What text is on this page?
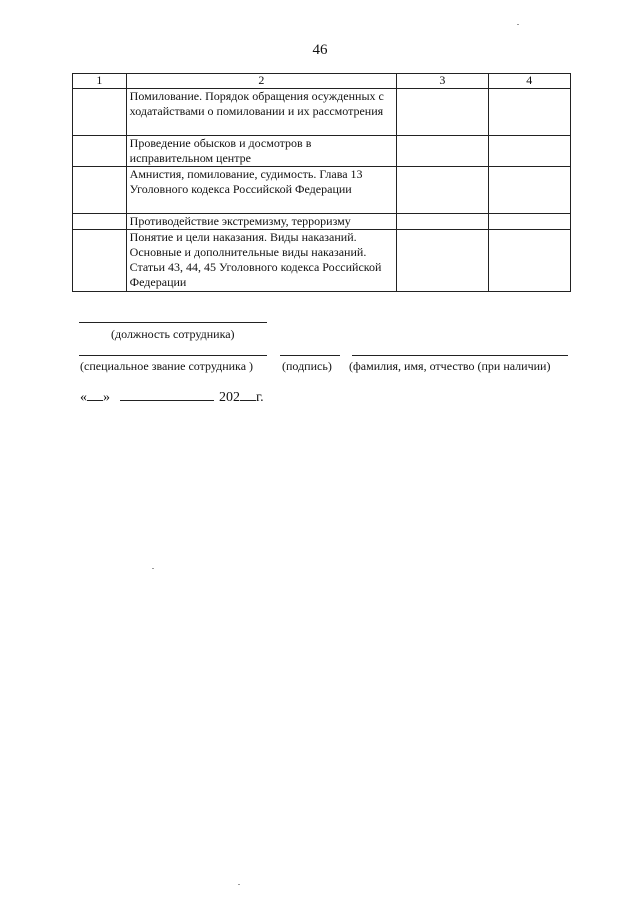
46
1	2	3	4
	Помилование. Порядок обращения осужденных с ходатайствами о помиловании и их рассмотрения		
	Проведение обысков и досмотров в исправительном центре		
	Амнистия, помилование, судимость. Глава 13 Уголовного кодекса Российской Федерации		
	Противодействие экстремизму, терроризму		
	Понятие и цели наказания. Виды наказаний. Основные и дополнительные виды наказаний. Статьи 43, 44, 45 Уголовного кодекса Российской Федерации		
(должность сотрудника)
(специальное звание сотрудника ) (подпись) (фамилия, имя, отчество (при наличии)
« »	202 г.
